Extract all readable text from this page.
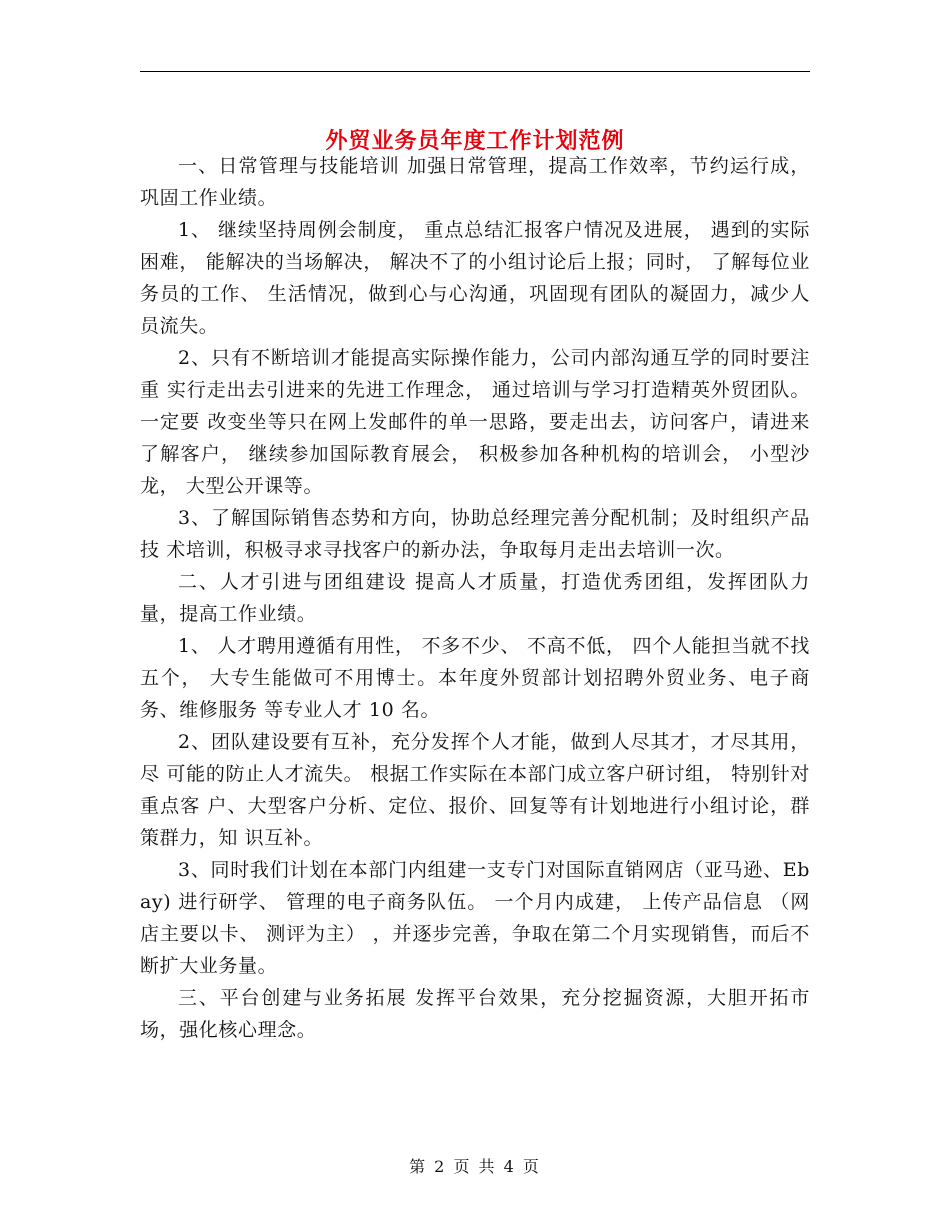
外贸业务员年度工作计划范例

一、日常管理与技能培训 加强日常管理，提高工作效率，节约运行成，巩固工作业绩。

1、 继续坚持周例会制度， 重点总结汇报客户情况及进展， 遇到的实际困难， 能解决的当场解决， 解决不了的小组讨论后上报；同时， 了解每位业务员的工作、 生活情况，做到心与心沟通，巩固现有团队的凝固力，减少人员流失。

2、只有不断培训才能提高实际操作能力，公司内部沟通互学的同时要注重 实行走出去引进来的先进工作理念， 通过培训与学习打造精英外贸团队。 一定要 改变坐等只在网上发邮件的单一思路，要走出去，访问客户，请进来了解客户， 继续参加国际教育展会， 积极参加各种机构的培训会， 小型沙龙， 大型公开课等。

3、了解国际销售态势和方向，协助总经理完善分配机制；及时组织产品技 术培训，积极寻求寻找客户的新办法，争取每月走出去培训一次。

二、人才引进与团组建设 提高人才质量，打造优秀团组，发挥团队力量，提高工作业绩。

1、 人才聘用遵循有用性， 不多不少、 不高不低， 四个人能担当就不找五个， 大专生能做可不用博士。本年度外贸部计划招聘外贸业务、电子商务、维修服务 等专业人才 10 名。

2、团队建设要有互补，充分发挥个人才能，做到人尽其才，才尽其用，尽 可能的防止人才流失。 根据工作实际在本部门成立客户研讨组， 特别针对重点客 户、大型客户分析、定位、报价、回复等有计划地进行小组讨论，群策群力，知 识互补。

3、同时我们计划在本部门内组建一支专门对国际直销网店（亚马逊、Ebay) 进行研学、 管理的电子商务队伍。 一个月内成建， 上传产品信息 （网店主要以卡、 测评为主） ，并逐步完善，争取在第二个月实现销售，而后不断扩大业务量。

三、平台创建与业务拓展 发挥平台效果，充分挖掘资源，大胆开拓市场，强化核心理念。

第 2 页 共 4 页
